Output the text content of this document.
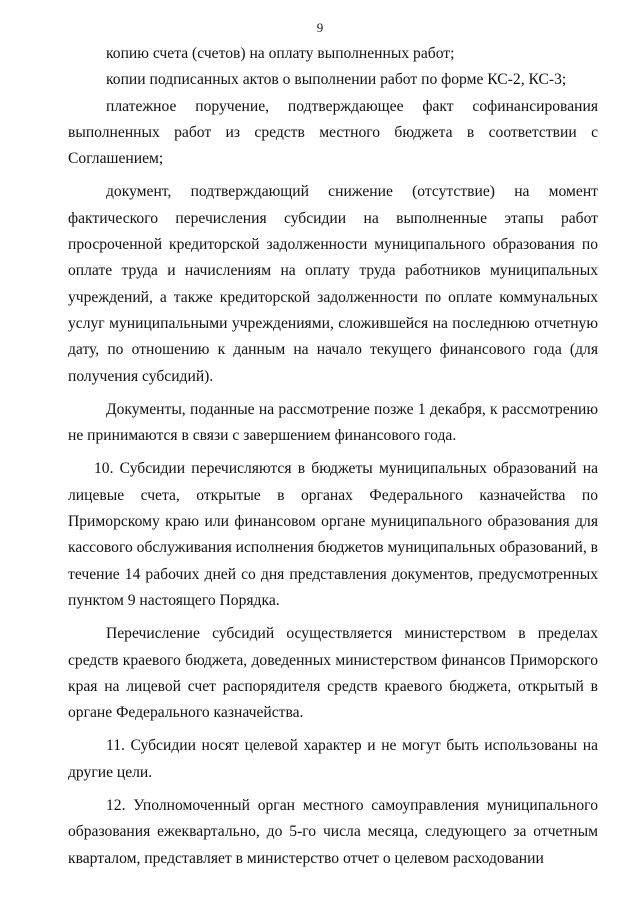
9

копию счета (счетов) на оплату выполненных работ;

копии подписанных актов о выполнении работ по форме КС-2, КС-3;

платежное поручение, подтверждающее факт софинансирования выполненных работ из средств местного бюджета в соответствии с Соглашением;

документ, подтверждающий снижение (отсутствие) на момент фактического перечисления субсидии на выполненные этапы работ просроченной кредиторской задолженности муниципального образования по оплате труда и начислениям на оплату труда работников муниципальных учреждений, а также кредиторской задолженности по оплате коммунальных услуг муниципальными учреждениями, сложившейся на последнюю отчетную дату, по отношению к данным на начало текущего финансового года (для получения субсидий).

Документы, поданные на рассмотрение позже 1 декабря, к рассмотрению не принимаются в связи с завершением финансового года.

10. Субсидии перечисляются в бюджеты муниципальных образований на лицевые счета, открытые в органах Федерального казначейства по Приморскому краю или финансовом органе муниципального образования для кассового обслуживания исполнения бюджетов муниципальных образований, в течение 14 рабочих дней со дня представления документов, предусмотренных пунктом 9 настоящего Порядка.

Перечисление субсидий осуществляется министерством в пределах средств краевого бюджета, доведенных министерством финансов Приморского края на лицевой счет распорядителя средств краевого бюджета, открытый в органе Федерального казначейства.

11. Субсидии носят целевой характер и не могут быть использованы на другие цели.

12. Уполномоченный орган местного самоуправления муниципального образования ежеквартально, до 5-го числа месяца, следующего за отчетным кварталом, представляет в министерство отчет о целевом расходовании
